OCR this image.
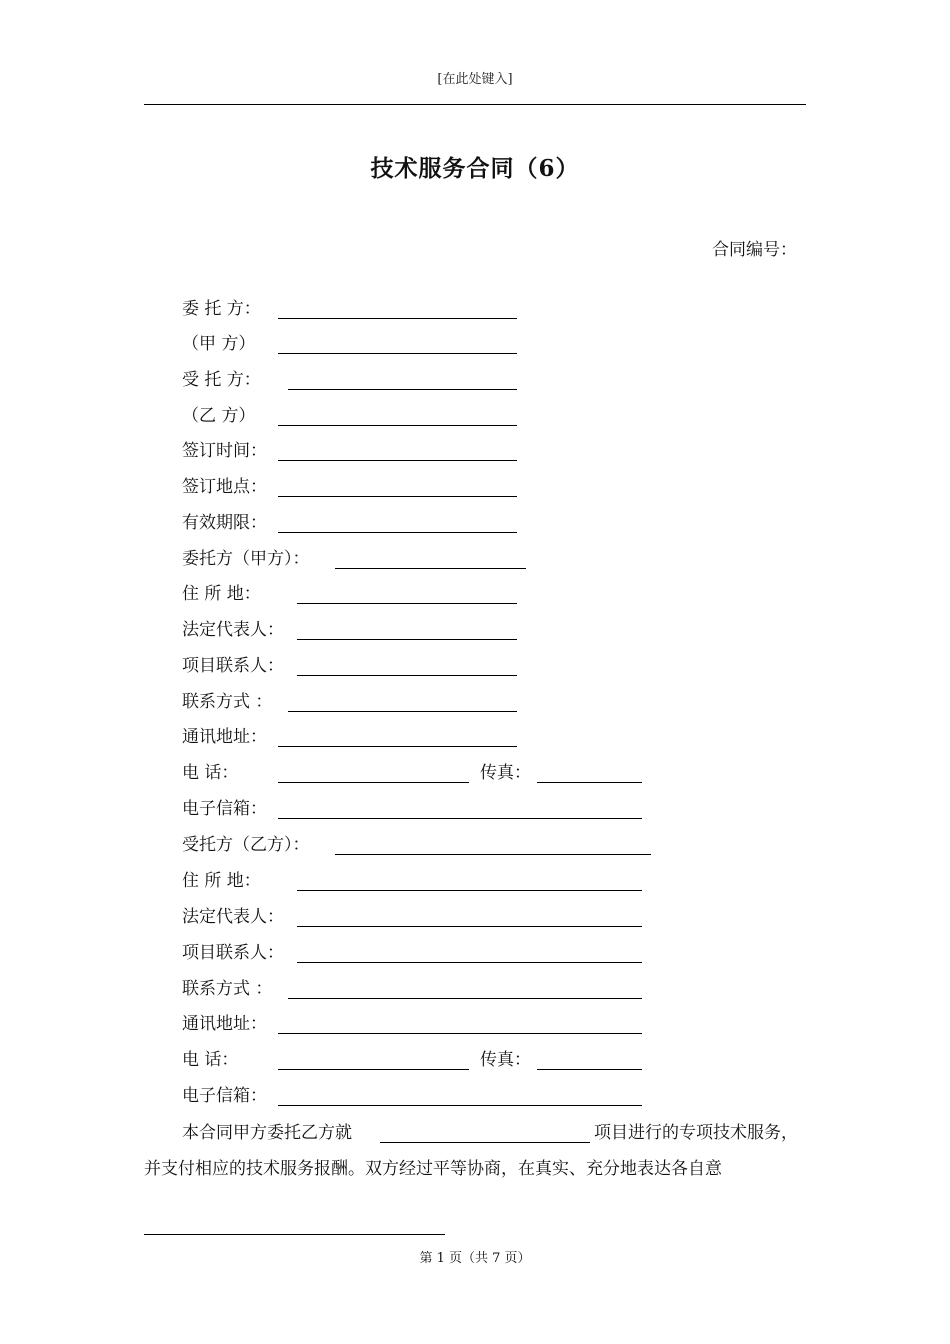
[在此处键入]
技术服务合同（6）
合同编号：
委 托 方：
（甲 方）
受 托 方：
（乙 方）
签订时间：
签订地点：
有效期限：
委托方（甲方）：
住 所 地：
法定代表人：
项目联系人：
联系方式 ：
通讯地址：
电 话：	传真：
电子信箱：
受托方（乙方）：
住 所 地：
法定代表人：
项目联系人：
联系方式 ：
通讯地址：
电 话：	传真：
电子信箱：
本合同甲方委托乙方就	项目进行的专项技术服务，
并支付相应的技术服务报酬。双方经过平等协商，在真实、充分地表达各自意
第 1 页（共 7 页）
